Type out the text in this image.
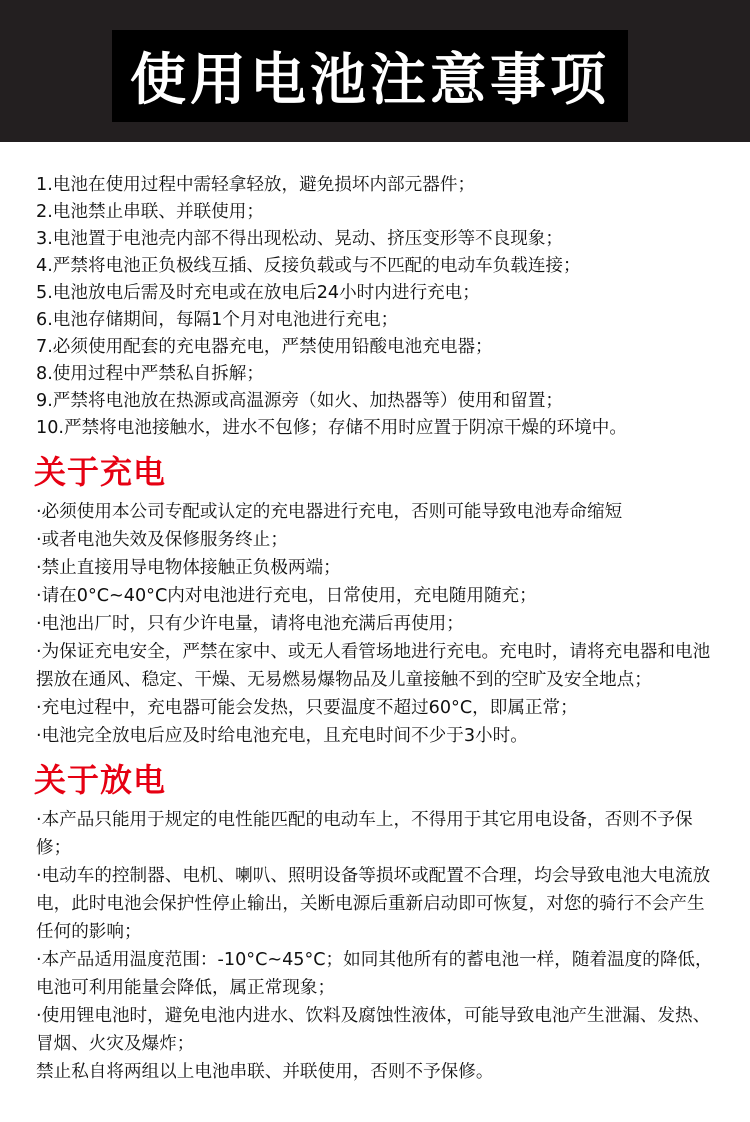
使用电池注意事项
1.电池在使用过程中需轻拿轻放，避免损坏内部元器件；
2.电池禁止串联、并联使用；
3.电池置于电池壳内部不得出现松动、晃动、挤压变形等不良现象；
4.严禁将电池正负极线互插、反接负载或与不匹配的电动车负载连接；
5.电池放电后需及时充电或在放电后24小时内进行充电；
6.电池存储期间，每隔1个月对电池进行充电；
7.必须使用配套的充电器充电，严禁使用铅酸电池充电器；
8.使用过程中严禁私自拆解；
9.严禁将电池放在热源或高温源旁（如火、加热器等）使用和留置；
10.严禁将电池接触水，进水不包修；存储不用时应置于阴凉干燥的环境中。
关于充电
·必须使用本公司专配或认定的充电器进行充电，否则可能导致电池寿命缩短
·或者电池失效及保修服务终止；
·禁止直接用导电物体接触正负极两端；
·请在0°C~40°C内对电池进行充电，日常使用，充电随用随充；
·电池出厂时，只有少许电量，请将电池充满后再使用；
·为保证充电安全，严禁在家中、或无人看管场地进行充电。充电时，请将充电器和电池摆放在通风、稳定、干燥、无易燃易爆物品及儿童接触不到的空旷及安全地点；
·充电过程中，充电器可能会发热，只要温度不超过60°C，即属正常；
·电池完全放电后应及时给电池充电，且充电时间不少于3小时。
关于放电
·本产品只能用于规定的电性能匹配的电动车上，不得用于其它用电设备，否则不予保修；
·电动车的控制器、电机、喇叭、照明设备等损坏或配置不合理，均会导致电池大电流放电，此时电池会保护性停止输出，关断电源后重新启动即可恢复，对您的骑行不会产生任何的影响；
·本产品适用温度范围：-10°C~45°C；如同其他所有的蓄电池一样，随着温度的降低，电池可利用能量会降低，属正常现象；
·使用锂电池时，避免电池内进水、饮料及腐蚀性液体，可能导致电池产生泄漏、发热、冒烟、火灾及爆炸；
禁止私自将两组以上电池串联、并联使用，否则不予保修。
